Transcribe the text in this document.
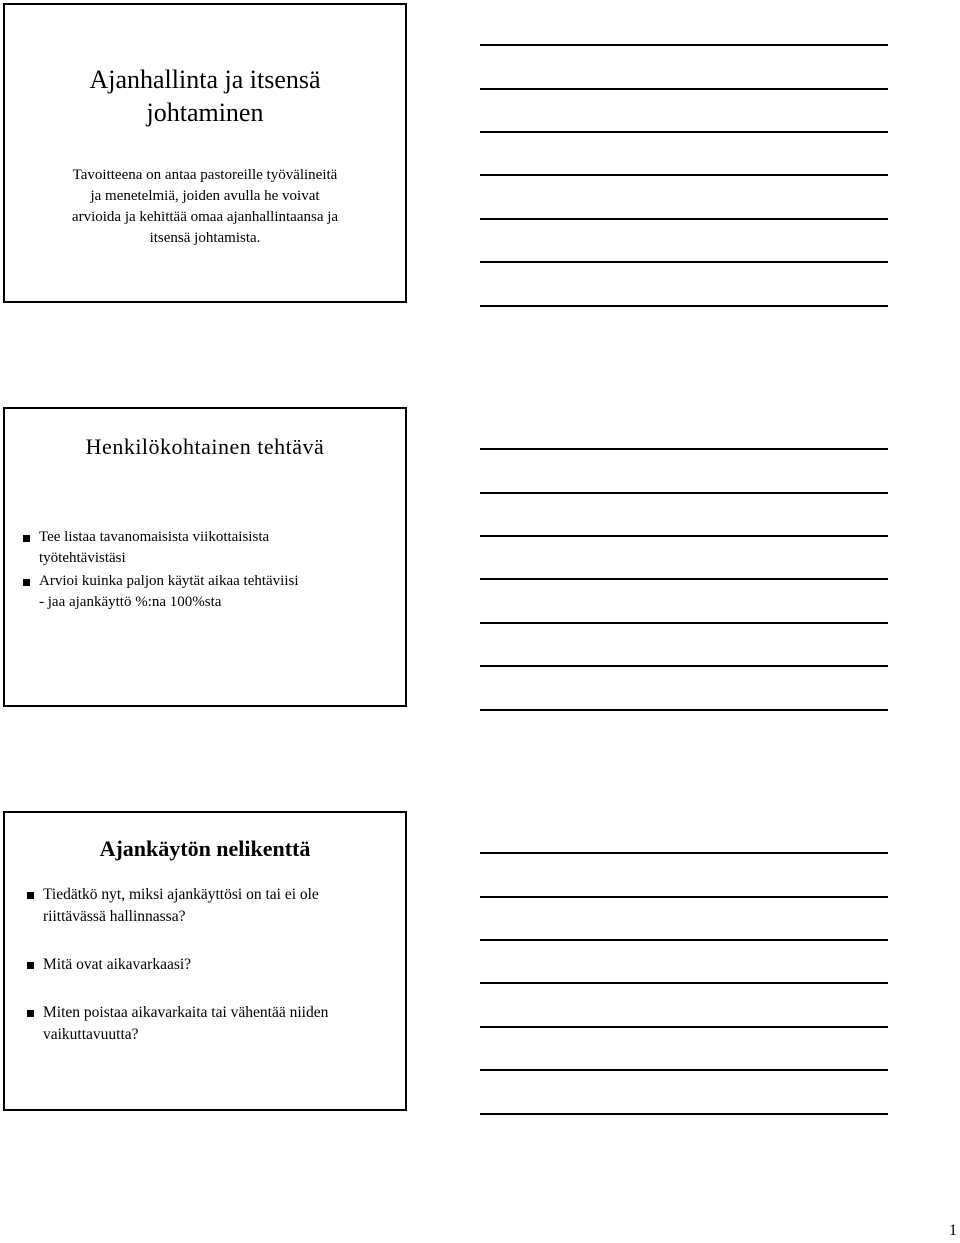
Ajanhallinta ja itsensä
johtaminen
Tavoitteena on antaa pastoreille työvälineitä
ja menetelmiä, joiden avulla he voivat
arvioida ja kehittää omaa ajanhallintaansa ja
itsensä johtamista.
Henkilökohtainen tehtävä
Tee listaa tavanomaisista viikottaisista
työtehtävistäsi
Arvioi kuinka paljon käytät aikaa tehtäviisi
- jaa ajankäyttö %:na 100%sta
Ajankäytön nelikenttä
Tiedätkö nyt, miksi ajankäyttösi on tai ei ole
riittävässä hallinnassa?
Mitä ovat aikavarkaasi?
Miten poistaa aikavarkaita tai vähentää niiden
vaikuttavuutta?
1
